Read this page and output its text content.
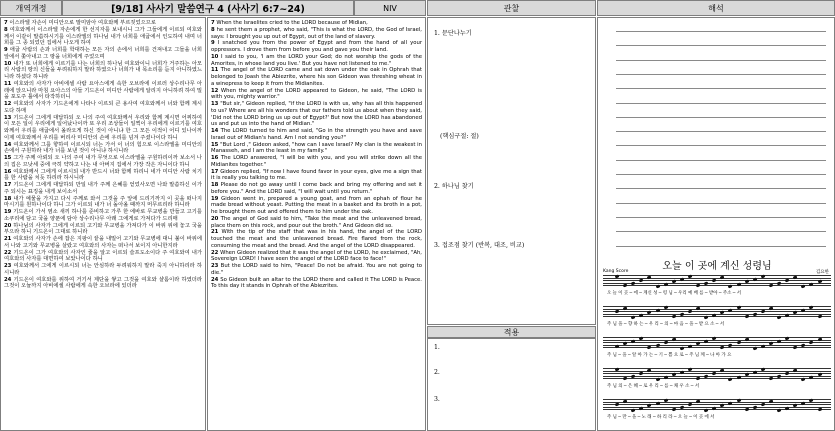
개역개정	[9/18] 사사기 말씀연구 4 (사사기 6:7~24)	NIV	관찰	해석

7 이스라엘 자손이 미디안으로 말미암아 여호와께 부르짖었으므로

8 여호와께서 이스라엘 자손에게 한 선지자를 보내시니 그가 그들에게 이르되 여호와께서 이같이 말씀하시기를 이스라엘의 하나님 내가 너희를 애굽에서 인도하여 내며 너희를 그 종 되었던 집에서 나오게 하여

9 애굽 사람의 손과 너희를 학대하는 모든 자의 손에서 너희를 건져내고 그들을 너희 앞에서 쫓아내고 그 땅을 너희에게 주었으며

10 내가 또 너희에게 이르기를 나는 너희의 하나님 여호와이니 너희가 거주하는 아모리 사람의 땅의 신들을 두려워하지 말라 하였으나 너희가 내 목소리를 듣지 아니하였느니라 하셨다 하니라

11 여호와의 사자가 아비에셀 사람 요아스에게 속한 오브라에 이르러 상수리나무 아래에 앉으니라 마침 요아스의 아들 기드온이 미디안 사람에게 알리지 아니하려 하여 밀을 포도주 틀에서 타작하더니

12 여호와의 사자가 기드온에게 나타나 이르되 큰 용사여 여호와께서 너와 함께 계시도다 하매

13 기드온이 그에게 대답하되 오 나의 주여 여호와께서 우리와 함께 계시면 어찌하여 이 모든 일이 우리에게 일어났나이까 또 우리 조상들이 일찍이 우리에게 이르기를 여호와께서 우리를 애굽에서 올라오게 하신 것이 아니냐 한 그 모든 이적이 어디 있나이까 이제 여호와께서 우리를 버리사 미디안의 손에 우리를 넘겨 주셨나이다 하니

14 여호와께서 그를 향하여 이르시되 너는 가서 이 너의 힘으로 이스라엘을 미디안의 손에서 구원하라 내가 너를 보낸 것이 아니냐 하시니라

15 그가 주께 아뢰되 오 나의 주여 내가 무엇으로 이스라엘을 구원하리이까 보소서 나의 집은 므낫세 중에 극히 약하고 나는 내 아버지 집에서 가장 작은 자니이다 하니

16 여호와께서 그에게 이르시되 내가 반드시 너와 함께 하리니 네가 미디안 사람 치기를 한 사람을 치듯 하리라 하시니라

17 기드온이 그에게 대답하되 만일 내가 주께 은혜를 얻었사오면 나와 말씀하신 이가 주 되시는 표징을 내게 보이소서

18 내가 예물을 가지고 다시 주께로 와서 그것을 주 앞에 드리기까지 이 곳을 떠나지 마시기를 원하나이다 하니 그가 이르되 내가 너 돌아올 때까지 머무르리라 하니라

19 기드온이 가서 염소 새끼 하나를 준비하고 가루 한 에바로 무교병을 만들고 고기를 소쿠리에 담고 국을 양푼에 담아 상수리나무 아래 그에게로 가져다가 드리매

20 하나님의 사자가 그에게 이르되 고기와 무교병을 가져다가 이 바위 위에 놓고 국을 부으라 하니 기드온이 그대로 하니라

21 여호와의 사자가 손에 잡은 지팡이 끝을 내밀어 고기와 무교병에 대니 불이 바위에서 나와 고기와 무교병을 살랐고 여호와의 사자는 떠나서 보이지 아니한지라

22 기드온이 그가 여호와의 사자인 줄을 알고 이르되 슬프도소이다 주 여호와여 내가 여호와의 사자를 대면하여 보았나이다 하니

23 여호와께서 그에게 이르시되 너는 안심하라 두려워하지 말라 죽지 아니하리라 하시니라

24 기드온이 여호와를 위하여 거기서 제단을 쌓고 그것을 여호와 샬롬이라 하였더라 그것이 오늘까지 아비에셀 사람에게 속한 오브라에 있더라

7 When the Israelites cried to the LORD because of Midian,

8 he sent them a prophet, who said, "This is what the LORD, the God of Israel, says: I brought you up out of Egypt, out of the land of slavery.

9 I snatched you from the power of Egypt and from the hand of all your oppressors. I drove them from before you and gave you their land.

10 I said to you, 'I am the LORD your God; do not worship the gods of the Amorites, in whose land you live.' But you have not listened to me."

11 The angel of the LORD came and sat down under the oak in Ophrah that belonged to Joash the Abiezrite, where his son Gideon was threshing wheat in a winepress to keep it from the Midianites.

12 When the angel of the LORD appeared to Gideon, he said, "The LORD is with you, mighty warrior."

13 "But sir," Gideon replied, "if the LORD is with us, why has all this happened to us? Where are all his wonders that our fathers told us about when they said, 'Did not the LORD bring us up out of Egypt?' But now the LORD has abandoned us and put us into the hand of Midian."

14 The LORD turned to him and said, "Go in the strength you have and save Israel out of Midian's hand. Am I not sending you?"

15 "But Lord ," Gideon asked, "how can I save Israel? My clan is the weakest in Manasseh, and I am the least in my family."

16 The LORD answered, "I will be with you, and you will strike down all the Midianites together."

17 Gideon replied, "If now I have found favor in your eyes, give me a sign that it is really you talking to me.

18 Please do not go away until I come back and bring my offering and set it before you." And the LORD said, "I will wait until you return."

19 Gideon went in, prepared a young goat, and from an ephah of flour he made bread without yeast. Putting the meat in a basket and its broth in a pot, he brought them out and offered them to him under the oak.

20 The angel of God said to him, "Take the meat and the unleavened bread, place them on this rock, and pour out the broth." And Gideon did so.

21 With the tip of the staff that was in his hand, the angel of the LORD touched the meat and the unleavened bread. Fire flared from the rock, consuming the meat and the bread. And the angel of the LORD disappeared.

22 When Gideon realized that it was the angel of the LORD, he exclaimed, "Ah, Sovereign LORD! I have seen the angel of the LORD face to face!"

23 But the LORD said to him, "Peace! Do not be afraid. You are not going to die."

24 So Gideon built an altar to the LORD there and called it The LORD is Peace. To this day it stands in Ophrah of the Abiezrites.

1. 문단나누기
(핵심구절: 절)
2. 하나님 찾기
3. 접조점 찾기 (반복, 대조, 비교)
적용
1.
2.
3.
오늘 이 곳에 계신 성령님
Kang Score	김요한
오 늘 이 곳 ─ 에 ─ 계신 성 ─ 령 님 ─ 우리 예 배 를 ─ 받아 ─ 주소 ─ 서
주 님 을 ─ 향 하 는 ─ 우 리 ─ 의 ─ 마 음 ─ 을 ─ 받 으 소 ─ 서
주 님 ─ 을 ─ 알 아 가 는 ─ 기 ─ 쁨 으 로 ─ 주 님 께 ─ 나 아 가 요
주 님 의 ─ 은 혜 ─ 로 우 리 ─ 를 ─ 채 우 소 ─ 서
주 님 ─ 만 ─ 을 ─ 노 래 ─ 하 리 라 ─ 오 늘 ─ 이 곳 에 서
